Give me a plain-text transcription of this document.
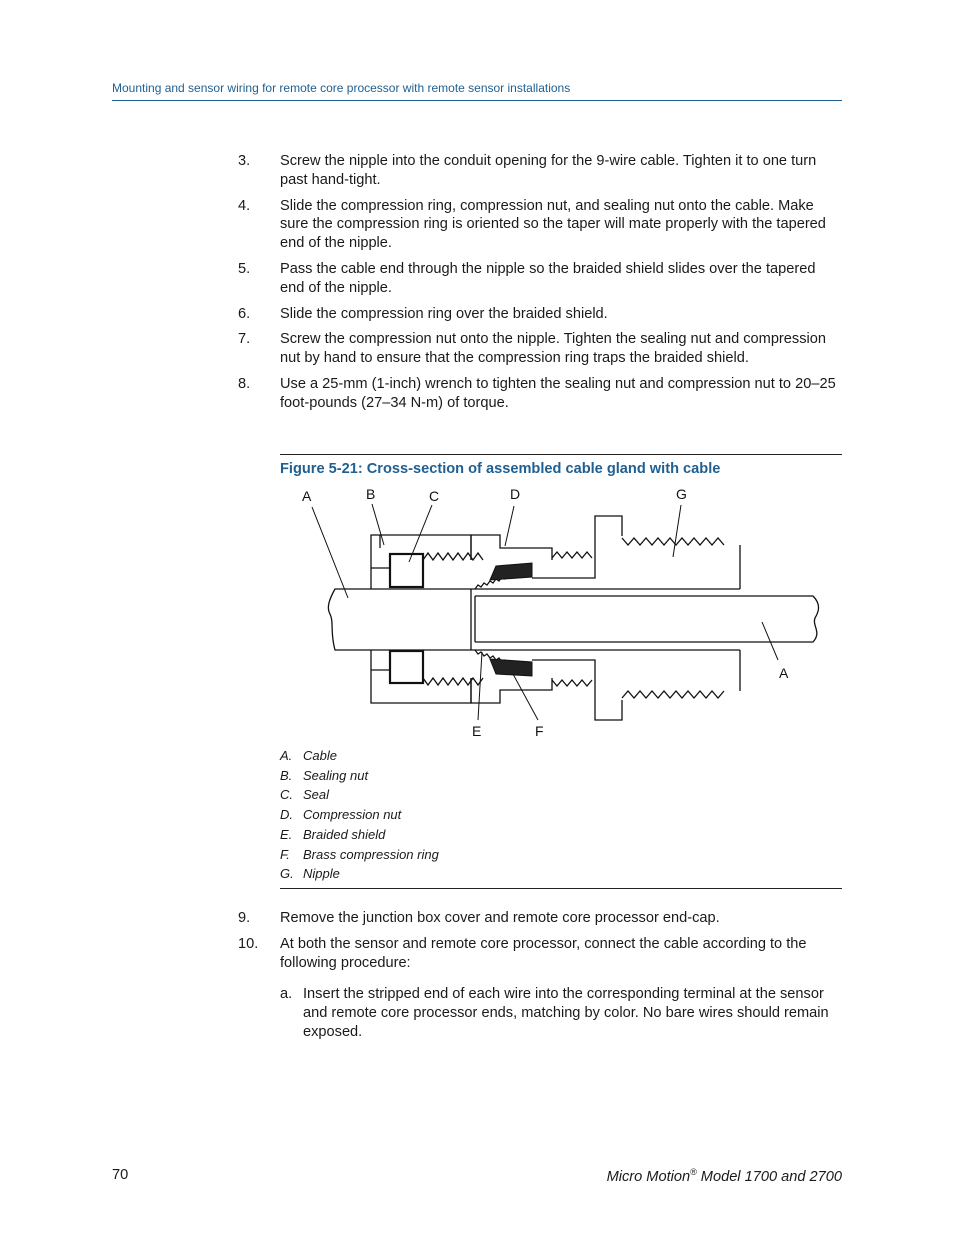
Mounting and sensor wiring for remote core processor with remote sensor installations
3.	Screw the nipple into the conduit opening for the 9-wire cable. Tighten it to one turn past hand-tight.
4.	Slide the compression ring, compression nut, and sealing nut onto the cable. Make sure the compression ring is oriented so the taper will mate properly with the tapered end of the nipple.
5.	Pass the cable end through the nipple so the braided shield slides over the tapered end of the nipple.
6.	Slide the compression ring over the braided shield.
7.	Screw the compression nut onto the nipple. Tighten the sealing nut and compression nut by hand to ensure that the compression ring traps the braided shield.
8.	Use a 25-mm (1-inch) wrench to tighten the sealing nut and compression nut to 20–25 foot-pounds (27–34 N-m) of torque.
Figure 5-21: Cross-section of assembled cable gland with cable
A	B	C	D	G
A
E	F
A. Cable
B. Sealing nut
C. Seal
D. Compression nut
E. Braided shield
F.	Brass compression ring
G. Nipple
9.	Remove the junction box cover and remote core processor end-cap.
10.	At both the sensor and remote core processor, connect the cable according to the following procedure:
a. Insert the stripped end of each wire into the corresponding terminal at the sensor and remote core processor ends, matching by color. No bare wires should remain exposed.
70	Micro Motion® Model 1700 and 2700
